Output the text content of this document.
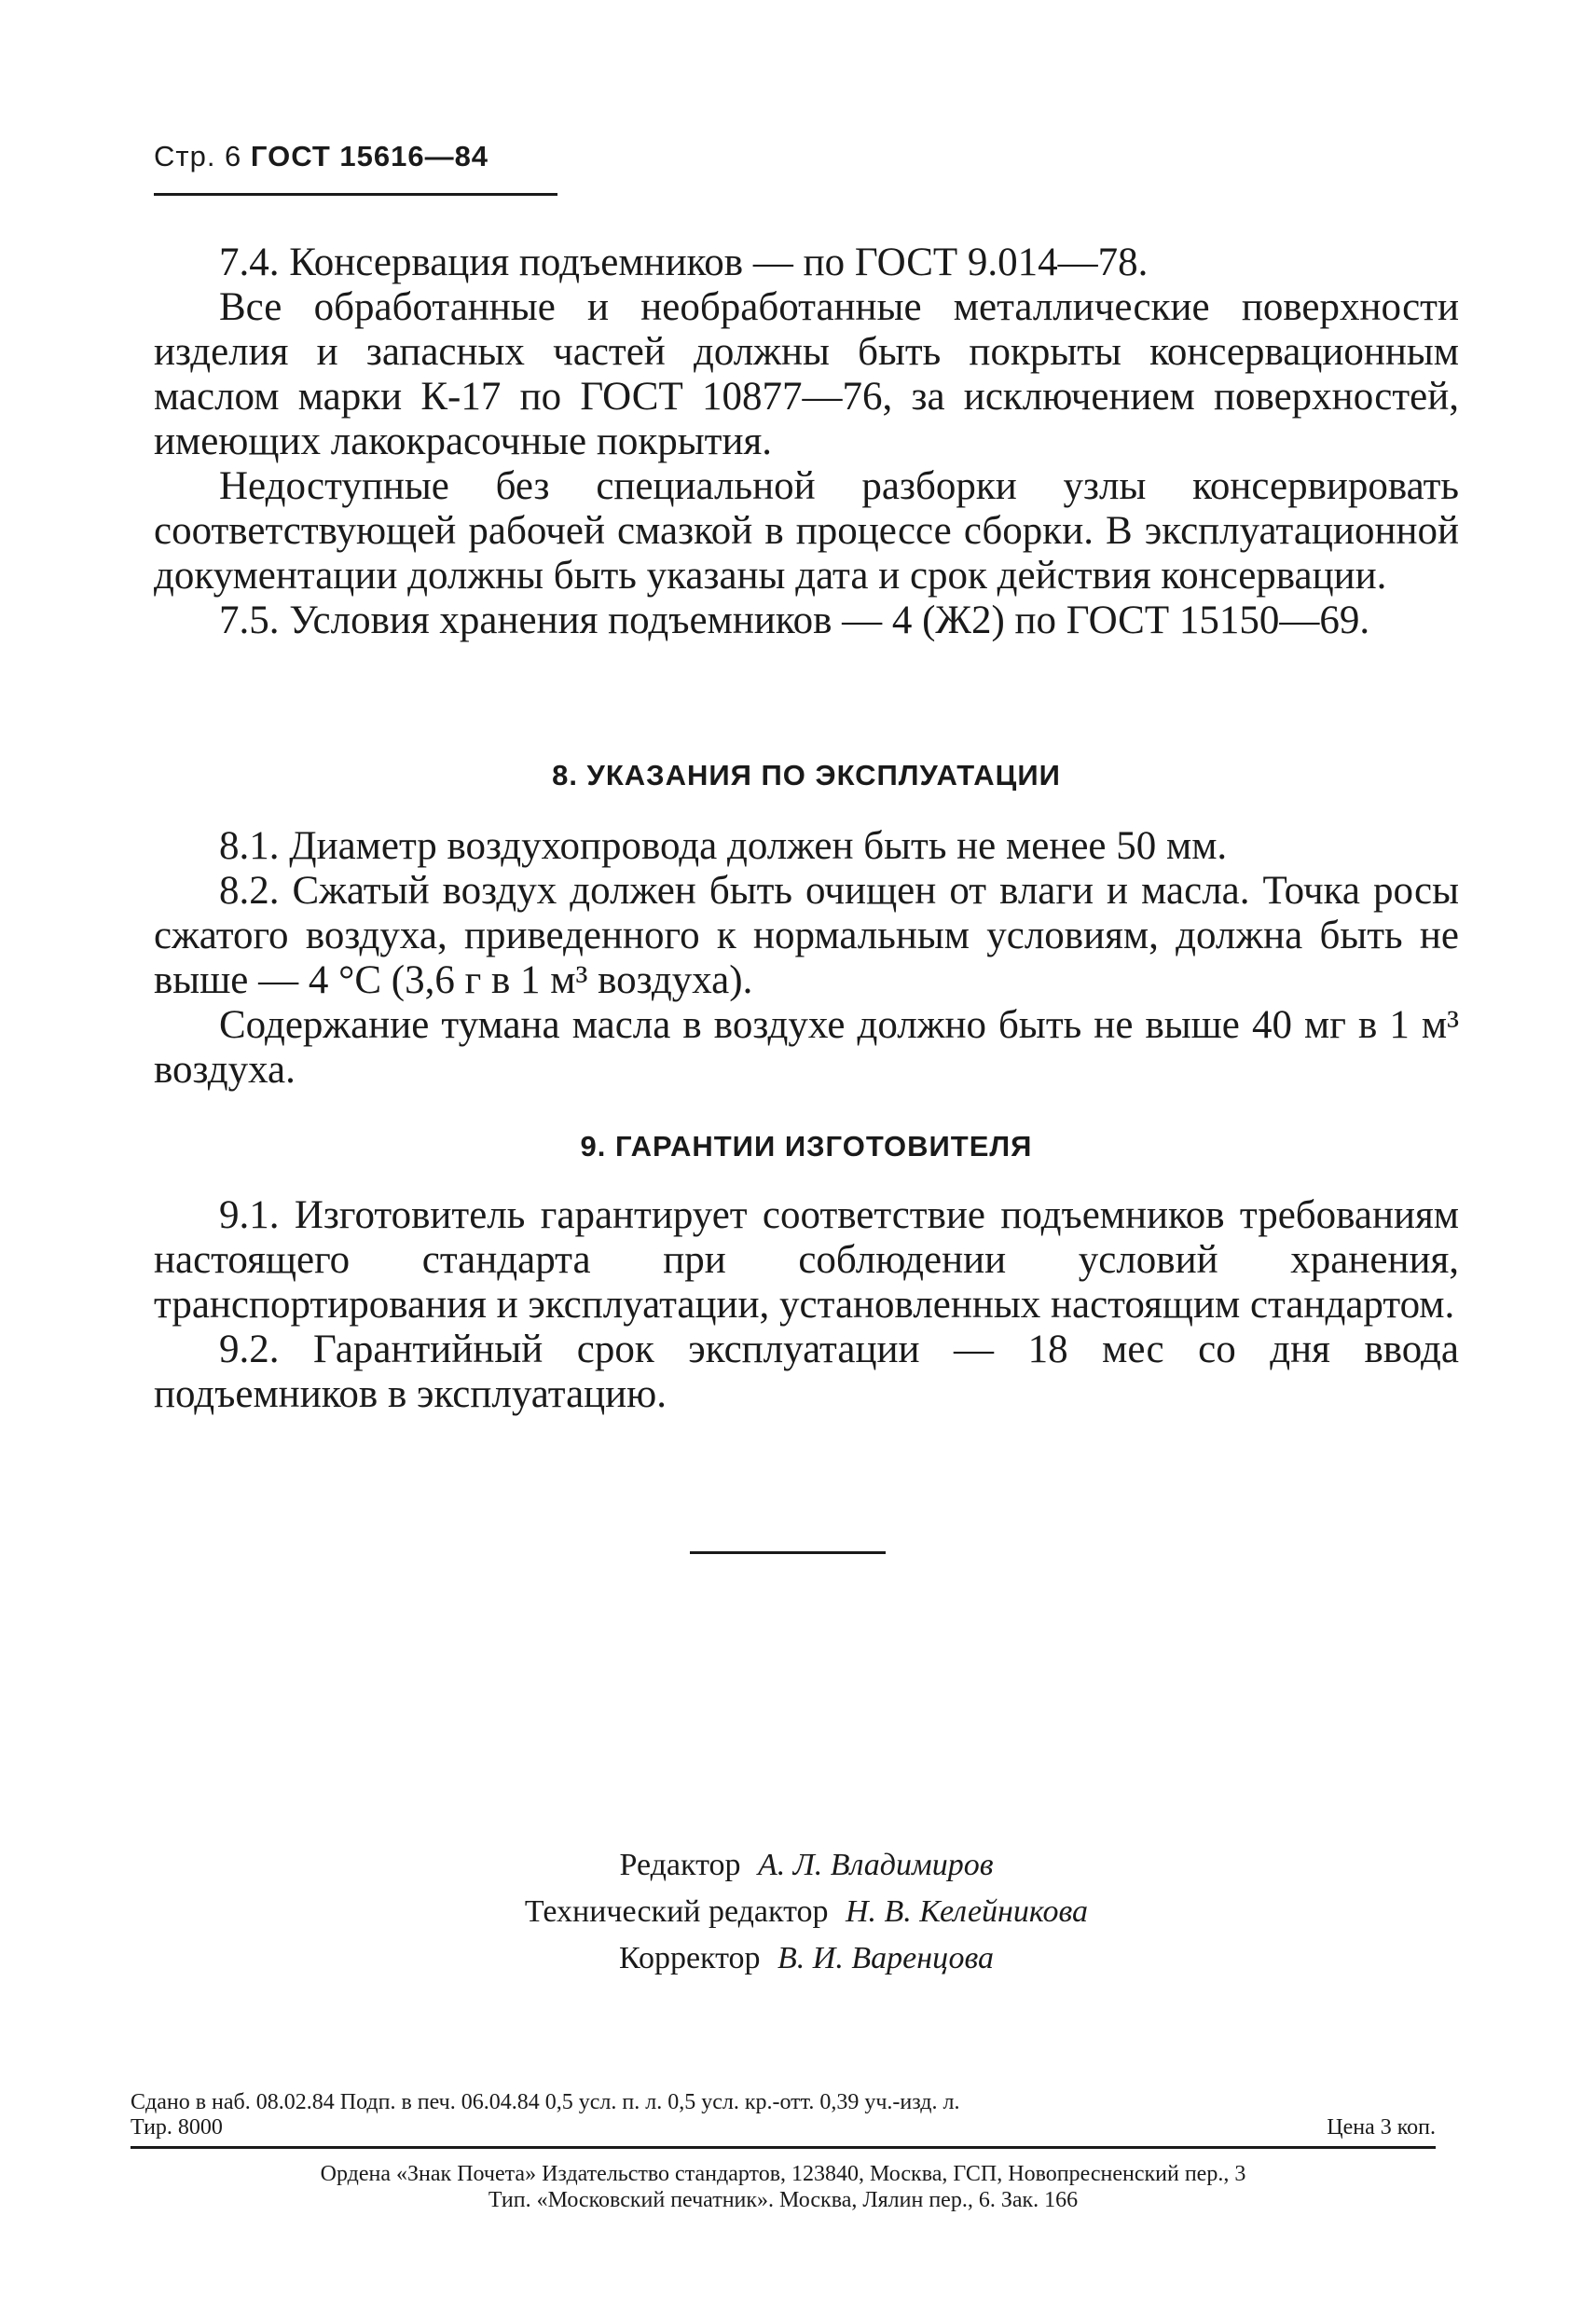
Стр. 6 ГОСТ 15616—84

7.4. Консервация подъемников — по ГОСТ 9.014—78.

Все обработанные и необработанные металлические поверхности изделия и запасных частей должны быть покрыты консервационным маслом марки К-17 по ГОСТ 10877—76, за исключением поверхностей, имеющих лакокрасочные покрытия.

Недоступные без специальной разборки узлы консервировать соответствующей рабочей смазкой в процессе сборки. В эксплуатационной документации должны быть указаны дата и срок действия консервации.

7.5. Условия хранения подъемников — 4 (Ж2) по ГОСТ 15150—69.

8. УКАЗАНИЯ ПО ЭКСПЛУАТАЦИИ

8.1. Диаметр воздухопровода должен быть не менее 50 мм.

8.2. Сжатый воздух должен быть очищен от влаги и масла. Точка росы сжатого воздуха, приведенного к нормальным условиям, должна быть не выше — 4 °С (3,6 г в 1 м³ воздуха).

Содержание тумана масла в воздухе должно быть не выше 40 мг в 1 м³ воздуха.

9. ГАРАНТИИ ИЗГОТОВИТЕЛЯ

9.1. Изготовитель гарантирует соответствие подъемников требованиям настоящего стандарта при соблюдении условий хранения, транспортирования и эксплуатации, установленных настоящим стандартом.

9.2. Гарантийный срок эксплуатации — 18 мес со дня ввода подъемников в эксплуатацию.

Редактор А. Л. Владимиров
Технический редактор Н. В. Келейникова
Корректор В. И. Варенцова
Сдано в наб. 08.02.84 Подп. в печ. 06.04.84 0,5 усл. п. л. 0,5 усл. кр.-отт. 0,39 уч.-изд. л.
Тир. 8000	Цена 3 коп.
Ордена «Знак Почета» Издательство стандартов, 123840, Москва, ГСП, Новопресненский пер., 3
Тип. «Московский печатник». Москва, Лялин пер., 6. Зак. 166
